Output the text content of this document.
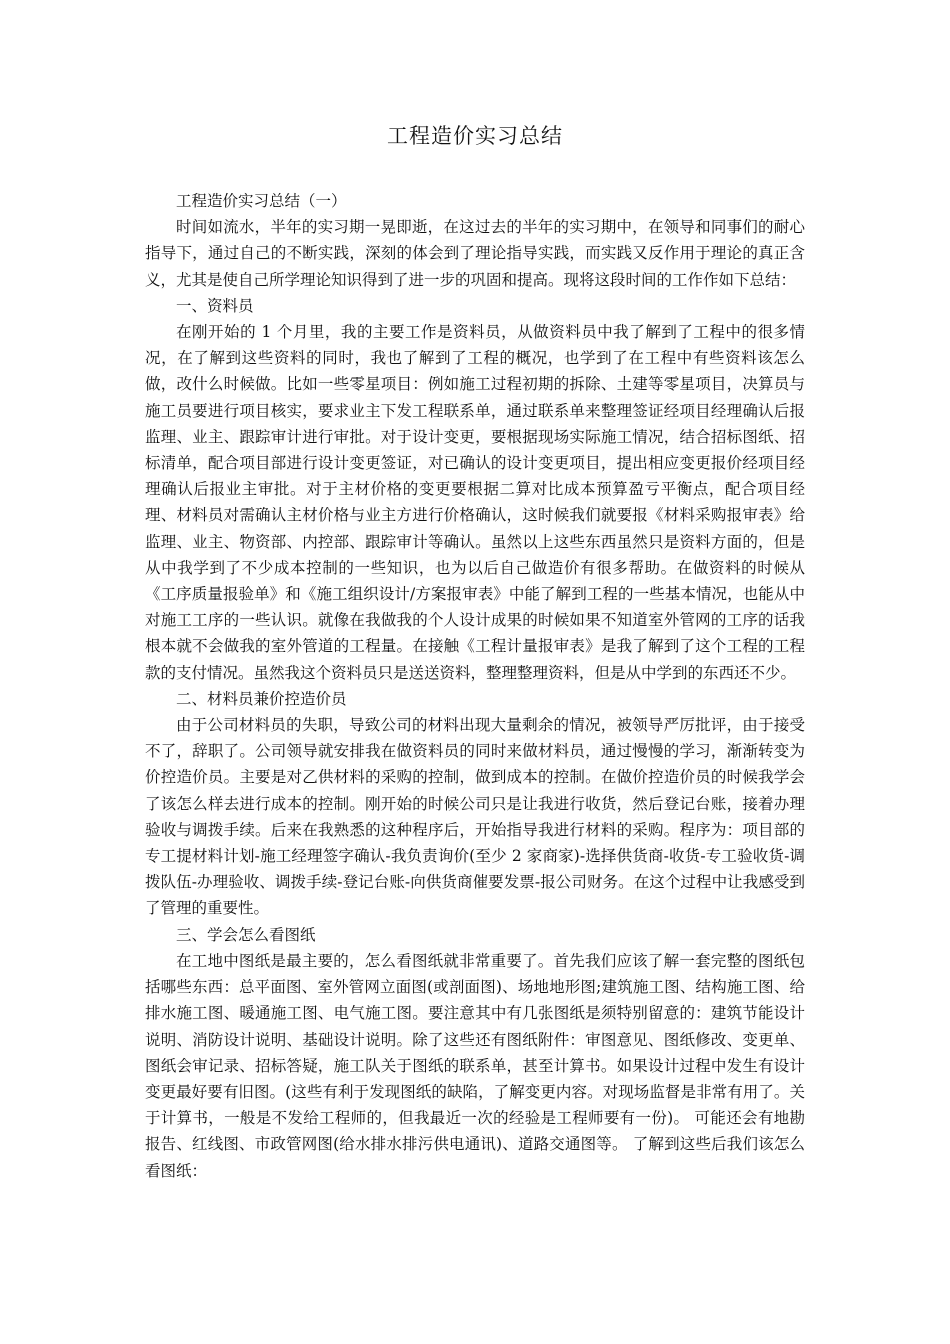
工程造价实习总结

工程造价实习总结（一）

时间如流水，半年的实习期一晃即逝，在这过去的半年的实习期中，在领导和同事们的耐心指导下，通过自己的不断实践，深刻的体会到了理论指导实践，而实践又反作用于理论的真正含义，尤其是使自己所学理论知识得到了进一步的巩固和提高。现将这段时间的工作作如下总结：

一、资料员

在刚开始的 1 个月里，我的主要工作是资料员，从做资料员中我了解到了工程中的很多情况，在了解到这些资料的同时，我也了解到了工程的概况，也学到了在工程中有些资料该怎么做，改什么时候做。比如一些零星项目：例如施工过程初期的拆除、土建等零星项目，决算员与施工员要进行项目核实，要求业主下发工程联系单，通过联系单来整理签证经项目经理确认后报监理、业主、跟踪审计进行审批。对于设计变更，要根据现场实际施工情况，结合招标图纸、招标清单，配合项目部进行设计变更签证，对已确认的设计变更项目，提出相应变更报价经项目经理确认后报业主审批。对于主材价格的变更要根据二算对比成本预算盈亏平衡点，配合项目经理、材料员对需确认主材价格与业主方进行价格确认，这时候我们就要报《材料采购报审表》给监理、业主、物资部、内控部、跟踪审计等确认。虽然以上这些东西虽然只是资料方面的，但是从中我学到了不少成本控制的一些知识，也为以后自己做造价有很多帮助。在做资料的时候从《工序质量报验单》和《施工组织设计/方案报审表》中能了解到工程的一些基本情况，也能从中对施工工序的一些认识。就像在我做我的个人设计成果的时候如果不知道室外管网的工序的话我根本就不会做我的室外管道的工程量。在接触《工程计量报审表》是我了解到了这个工程的工程款的支付情况。虽然我这个资料员只是送送资料，整理整理资料，但是从中学到的东西还不少。

二、材料员兼价控造价员

由于公司材料员的失职，导致公司的材料出现大量剩余的情况，被领导严厉批评，由于接受不了，辞职了。公司领导就安排我在做资料员的同时来做材料员，通过慢慢的学习，渐渐转变为价控造价员。主要是对乙供材料的采购的控制，做到成本的控制。在做价控造价员的时候我学会了该怎么样去进行成本的控制。刚开始的时候公司只是让我进行收货，然后登记台账，接着办理验收与调拨手续。后来在我熟悉的这种程序后，开始指导我进行材料的采购。程序为：项目部的专工提材料计划-施工经理签字确认-我负责询价(至少 2 家商家)-选择供货商-收货-专工验收货-调拨队伍-办理验收、调拨手续-登记台账-向供货商催要发票-报公司财务。在这个过程中让我感受到了管理的重要性。

三、学会怎么看图纸

在工地中图纸是最主要的，怎么看图纸就非常重要了。首先我们应该了解一套完整的图纸包括哪些东西：总平面图、室外管网立面图(或剖面图)、场地地形图;建筑施工图、结构施工图、给排水施工图、暖通施工图、电气施工图。要注意其中有几张图纸是须特别留意的：建筑节能设计说明、消防设计说明、基础设计说明。除了这些还有图纸附件：审图意见、图纸修改、变更单、图纸会审记录、招标答疑，施工队关于图纸的联系单，甚至计算书。如果设计过程中发生有设计变更最好要有旧图。(这些有利于发现图纸的缺陷，了解变更内容。对现场监督是非常有用了。关于计算书，一般是不发给工程师的，但我最近一次的经验是工程师要有一份)。 可能还会有地勘报告、红线图、市政管网图(给水排水排污供电通讯)、道路交通图等。 了解到这些后我们该怎么看图纸：
